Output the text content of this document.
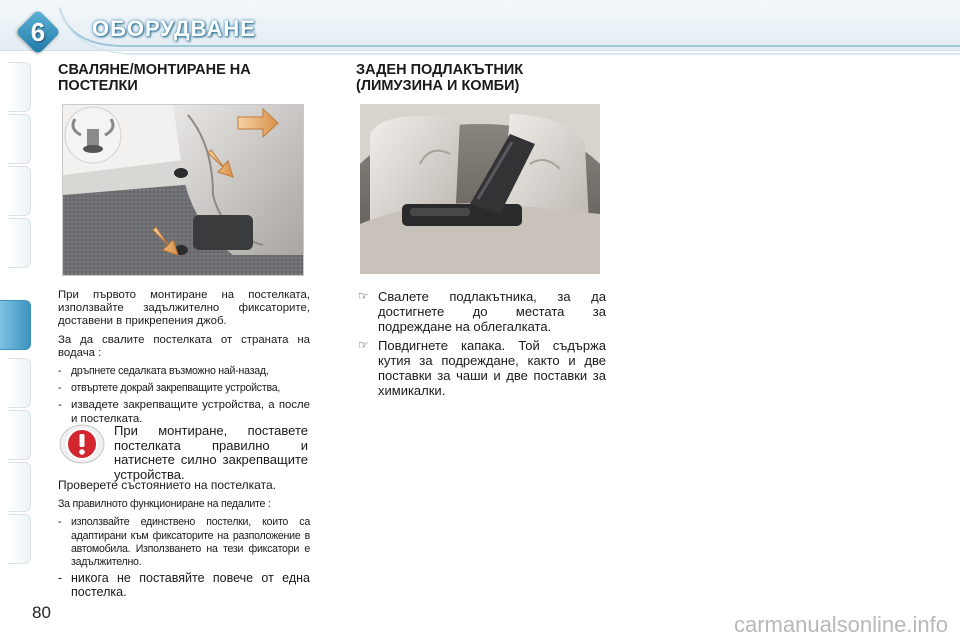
6	ОБОРУДВАНЕ
СВАЛЯНЕ/МОНТИРАНЕ НА
ПОСТЕЛКИ

При първото монтиране на постелката, използвайте задължително фиксаторите, доставени в прикрепения джоб.

За да свалите постелката от страната на водача :

- дръпнете седалката възможно най-назад,
- отвъртете докрай закрепващите устройства,
- извадете закрепващите устройства, а после и постелката.

При монтиране, поставете постелката правилно и натиснете силно закрепващите устройства.

Проверете състоянието на постелката.

За правилното функциониране на педалите :

- използвайте единствено постелки, които са адаптирани към фиксаторите на разположение в автомобила. Използването на тези фиксатори е задължително.
- никога не поставяйте повече от една постелка.
ЗАДЕН ПОДЛАКЪТНИК
(ЛИМУЗИНА И КОМБИ)
☞ Свалете подлакътника, за да достигнете до местата за подреждане на облегалката.
☞ Повдигнете капака. Той съдържа кутия за подреждане, както и две поставки за чаши и две поставки за химикалки.
80	carmanualsonline.info
